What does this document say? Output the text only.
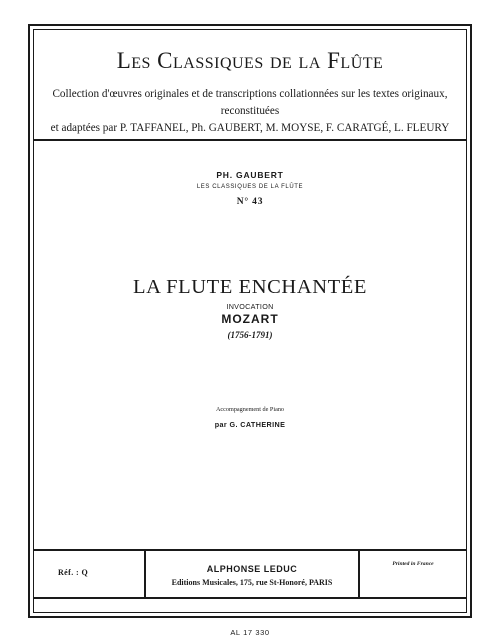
Les Classiques de la Flûte
Collection d'œuvres originales et de transcriptions collationnées sur les textes originaux, reconstituées
et adaptées par P. TAFFANEL, Ph. GAUBERT, M. MOYSE, F. CARATGÉ, L. FLEURY
PH. GAUBERT
LES CLASSIQUES DE LA FLÛTE
N° 43
LA FLUTE ENCHANTÉE
INVOCATION
MOZART
(1756-1791)
Accompagnement de Piano
par G. CATHERINE
Réf. : Q	ALPHONSE LEDUC
Editions Musicales, 175, rue St-Honoré, PARIS
Printed in France
AL 17 330
